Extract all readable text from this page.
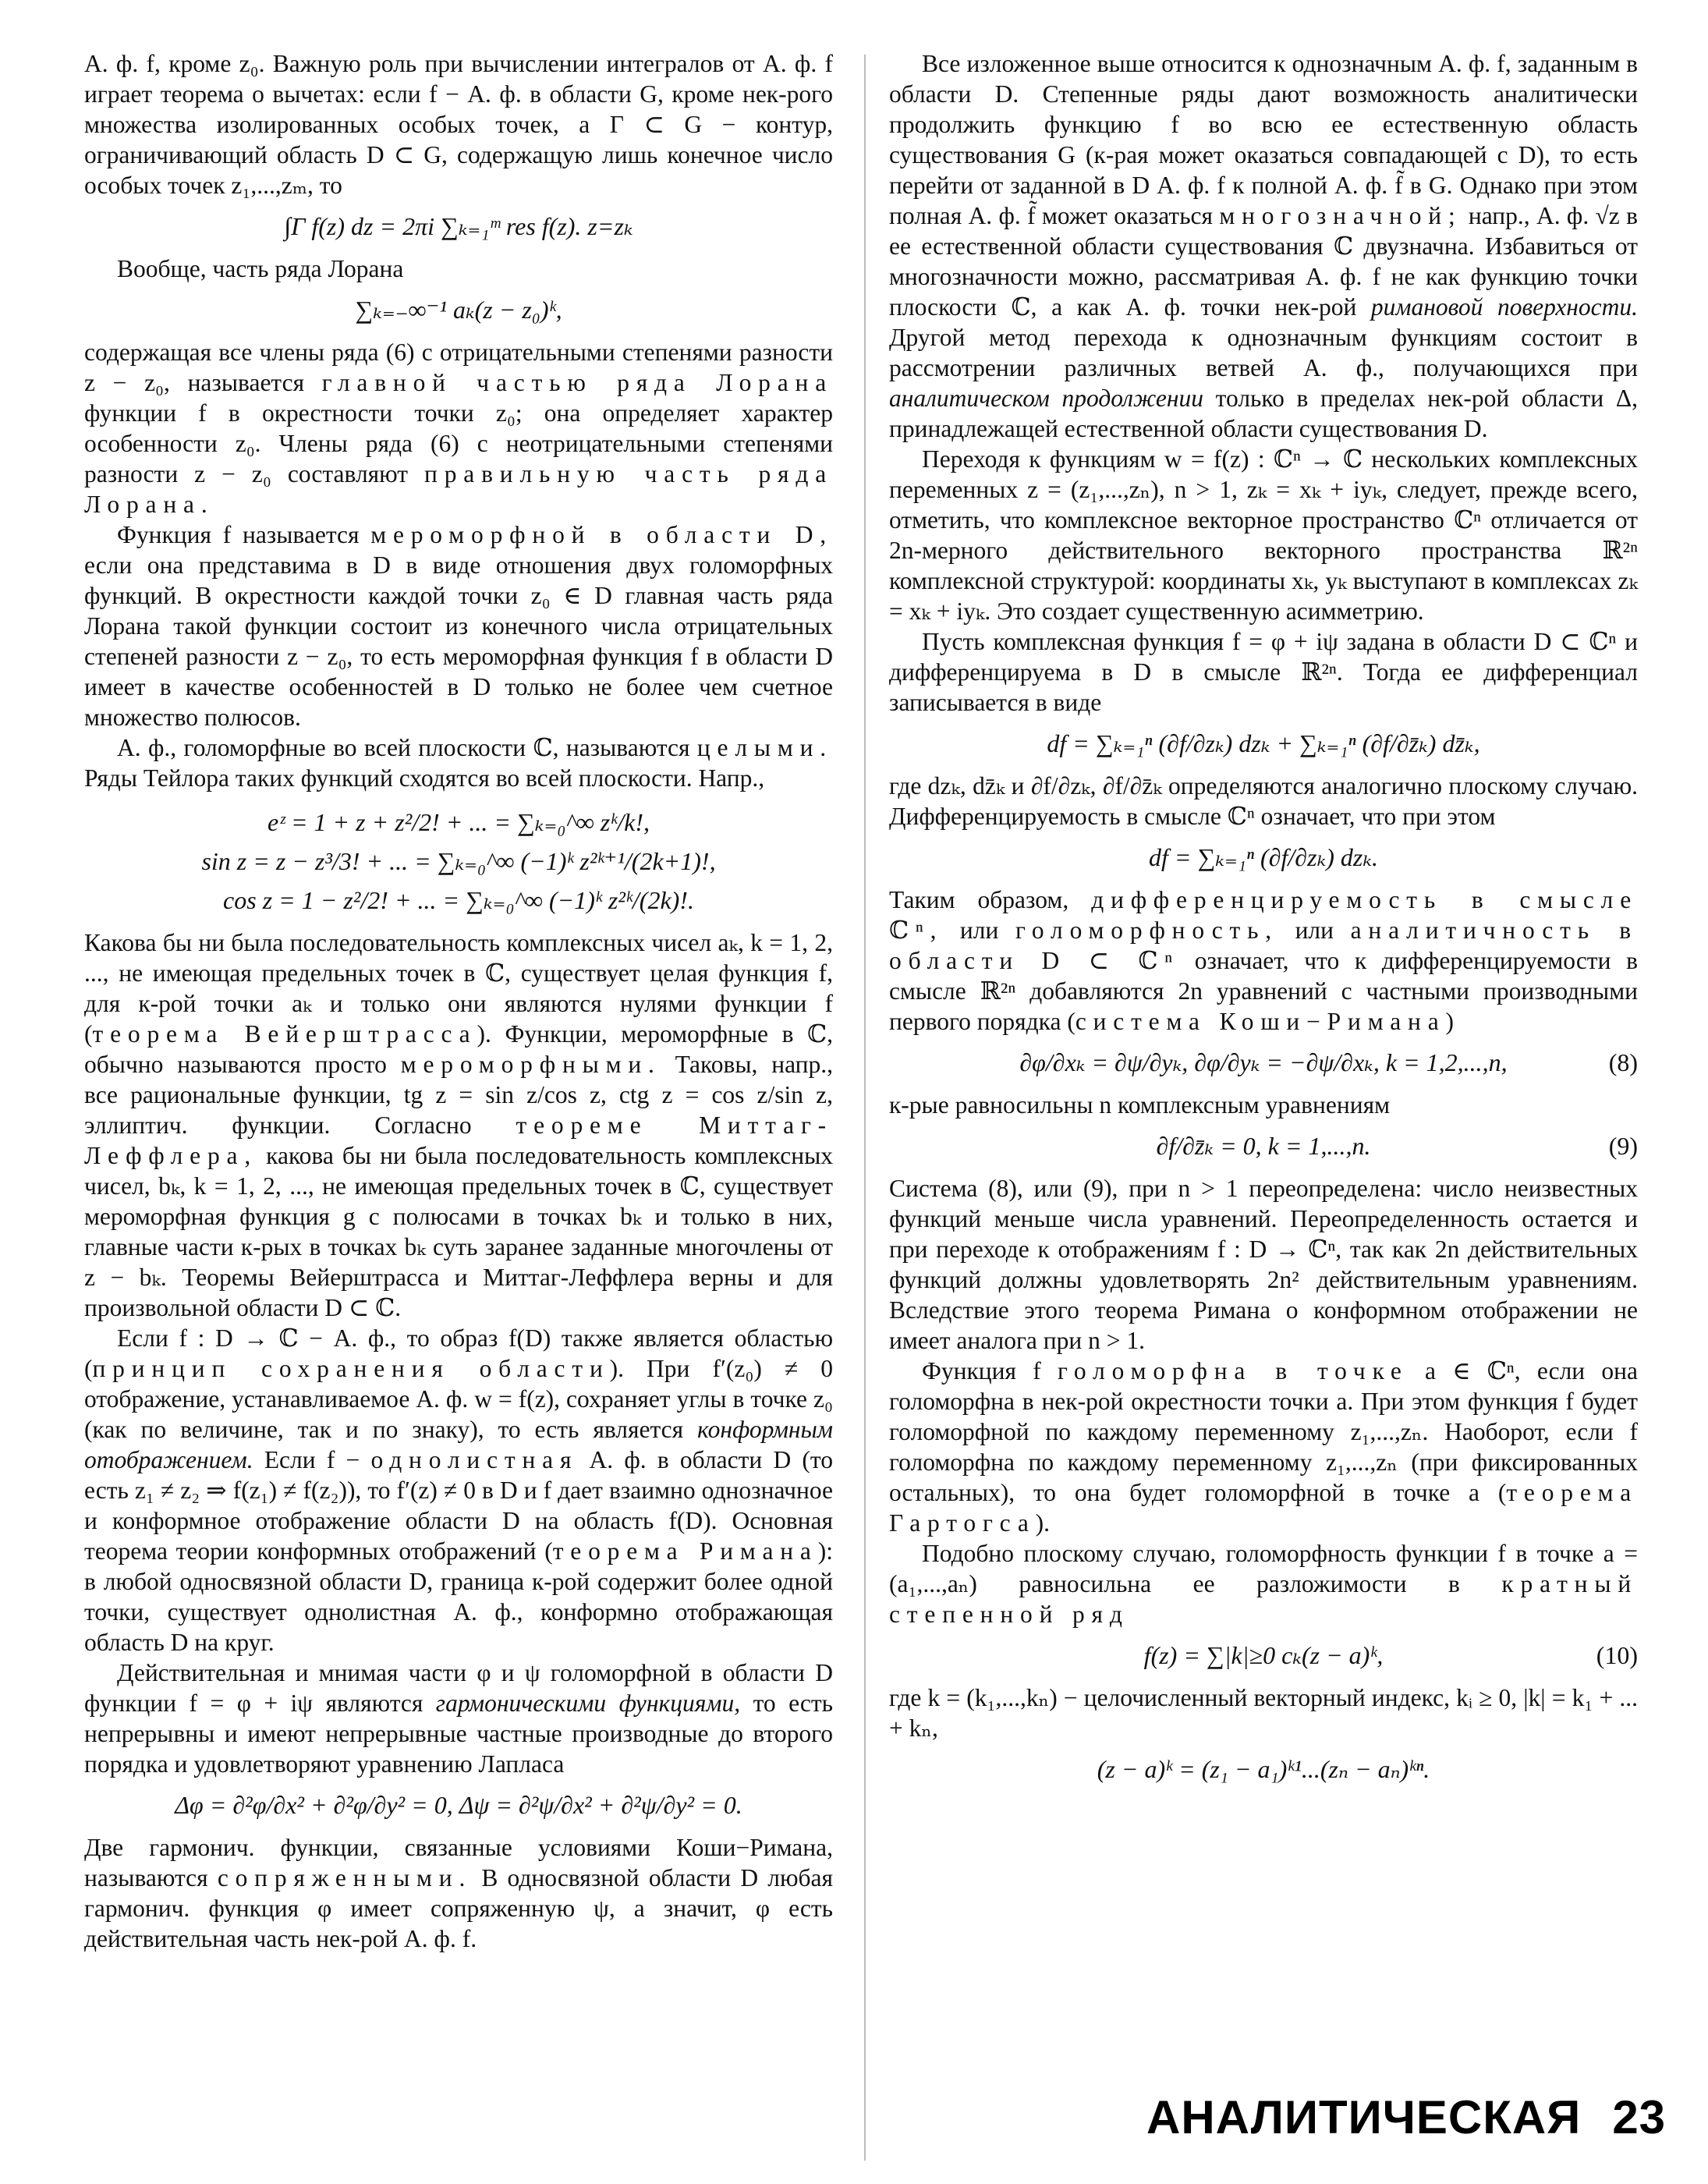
А. ф. f, кроме z₀. Важную роль при вычислении интегралов от А. ф. f играет теорема о вычетах: если f − А. ф. в области G, кроме нек-рого множества изолированных особых точек, а Γ ⊂ G − контур, ограничивающий область D ⊂ G, содержащую лишь конечное число особых точек z₁,...,zₘ, то

∫Γ f(z) dz = 2πi ∑ₖ₌₁ᵐ res f(z). z=zₖ

Вообще, часть ряда Лорана

∑ₖ₌₋∞⁻¹ aₖ(z − z₀)ᵏ,

содержащая все члены ряда (6) с отрицательными степенями разности z − z₀, называется главной частью ряда Лорана функции f в окрестности точки z₀; она определяет характер особенности z₀. Члены ряда (6) с неотрицательными степенями разности z − z₀ составляют правильную часть ряда Лорана.

Функция f называется мероморфной в области D, если она представима в D в виде отношения двух голоморфных функций. В окрестности каждой точки z₀ ∈ D главная часть ряда Лорана такой функции состоит из конечного числа отрицательных степеней разности z − z₀, то есть мероморфная функция f в области D имеет в качестве особенностей в D только не более чем счетное множество полюсов.

А. ф., голоморфные во всей плоскости ℂ, называются целыми. Ряды Тейлора таких функций сходятся во всей плоскости. Напр.,

eᶻ = 1 + z + z²/2! + ... = ∑ₖ₌₀^∞ zᵏ/k!,
sin z = z − z³/3! + ... = ∑ₖ₌₀^∞ (−1)ᵏ z²ᵏ⁺¹/(2k+1)!,
cos z = 1 − z²/2! + ... = ∑ₖ₌₀^∞ (−1)ᵏ z²ᵏ/(2k)!.

Какова бы ни была последовательность комплексных чисел aₖ, k = 1, 2, ..., не имеющая предельных точек в ℂ, существует целая функция f, для к-рой точки aₖ и только они являются нулями функции f (теорема Вейерштрасса). Функции, мероморфные в ℂ, обычно называются просто мероморфными. Таковы, напр., все рациональные функции, tg z = sin z/cos z, ctg z = cos z/sin z, эллиптич. функции. Согласно теореме Миттаг-Леффлера, какова бы ни была последовательность комплексных чисел, bₖ, k = 1, 2, ..., не имеющая предельных точек в ℂ, существует мероморфная функция g с полюсами в точках bₖ и только в них, главные части к-рых в точках bₖ суть заранее заданные многочлены от z − bₖ. Теоремы Вейерштрасса и Миттаг-Леффлера верны и для произвольной области D ⊂ ℂ.

Если f : D → ℂ − А. ф., то образ f(D) также является областью (принцип сохранения области). При f′(z₀) ≠ 0 отображение, устанавливаемое А. ф. w = f(z), сохраняет углы в точке z₀ (как по величине, так и по знаку), то есть является конформным отображением. Если f − однолистная А. ф. в области D (то есть z₁ ≠ z₂ ⇒ f(z₁) ≠ f(z₂)), то f′(z) ≠ 0 в D и f дает взаимно однозначное и конформное отображение области D на область f(D). Основная теорема теории конформных отображений (теорема Римана): в любой односвязной области D, граница к-рой содержит более одной точки, существует однолистная А. ф., конформно отображающая область D на круг.

Действительная и мнимая части φ и ψ голоморфной в области D функции f = φ + iψ являются гармоническими функциями, то есть непрерывны и имеют непрерывные частные производные до второго порядка и удовлетворяют уравнению Лапласа

Δφ = ∂²φ/∂x² + ∂²φ/∂y² = 0, Δψ = ∂²ψ/∂x² + ∂²ψ/∂y² = 0.

Две гармонич. функции, связанные условиями Коши−Римана, называются сопряженными. В односвязной области D любая гармонич. функция φ имеет сопряженную ψ, а значит, φ есть действительная часть нек-рой А. ф. f.

Все изложенное выше относится к однозначным А. ф. f, заданным в области D. Степенные ряды дают возможность аналитически продолжить функцию f во всю ее естественную область существования G (к-рая может оказаться совпадающей с D), то есть перейти от заданной в D А. ф. f к полной А. ф. f̃ в G. Однако при этом полная А. ф. f̃ может оказаться многозначной; напр., А. ф. √z в ее естественной области существования ℂ двузначна. Избавиться от многозначности можно, рассматривая А. ф. f не как функцию точки плоскости ℂ, а как А. ф. точки нек-рой римановой поверхности. Другой метод перехода к однозначным функциям состоит в рассмотрении различных ветвей А. ф., получающихся при аналитическом продолжении только в пределах нек-рой области Δ, принадлежащей естественной области существования D.

Переходя к функциям w = f(z) : ℂⁿ → ℂ нескольких комплексных переменных z = (z₁,...,zₙ), n > 1, zₖ = xₖ + iyₖ, следует, прежде всего, отметить, что комплексное векторное пространство ℂⁿ отличается от 2n-мерного действительного векторного пространства ℝ²ⁿ комплексной структурой: координаты xₖ, yₖ выступают в комплексах zₖ = xₖ + iyₖ. Это создает существенную асимметрию.

Пусть комплексная функция f = φ + iψ задана в области D ⊂ ℂⁿ и дифференцируема в D в смысле ℝ²ⁿ. Тогда ее дифференциал записывается в виде

df = ∑ₖ₌₁ⁿ (∂f/∂zₖ) dzₖ + ∑ₖ₌₁ⁿ (∂f/∂z̄ₖ) dz̄ₖ,

где dzₖ, dz̄ₖ и ∂f/∂zₖ, ∂f/∂z̄ₖ определяются аналогично плоскому случаю. Дифференцируемость в смысле ℂⁿ означает, что при этом

df = ∑ₖ₌₁ⁿ (∂f/∂zₖ) dzₖ.

Таким образом, дифференцируемость в смысле ℂⁿ, или голоморфность, или аналитичность в области D ⊂ ℂⁿ означает, что к дифференцируемости в смысле ℝ²ⁿ добавляются 2n уравнений с частными производными первого порядка (система Коши−Римана)

∂φ/∂xₖ = ∂ψ/∂yₖ, ∂φ/∂yₖ = −∂ψ/∂xₖ, k = 1,2,...,n,	(8)

к-рые равносильны n комплексным уравнениям

∂f/∂z̄ₖ = 0, k = 1,...,n.	(9)

Система (8), или (9), при n > 1 переопределена: число неизвестных функций меньше числа уравнений. Переопределенность остается и при переходе к отображениям f : D → ℂⁿ, так как 2n действительных функций должны удовлетворять 2n² действительным уравнениям. Вследствие этого теорема Римана о конформном отображении не имеет аналога при n > 1.

Функция f голоморфна в точке a ∈ ℂⁿ, если она голоморфна в нек-рой окрестности точки a. При этом функция f будет голоморфной по каждому переменному z₁,...,zₙ. Наоборот, если f голоморфна по каждому переменному z₁,...,zₙ (при фиксированных остальных), то она будет голоморфной в точке a (теорема Гартогса).

Подобно плоскому случаю, голоморфность функции f в точке a = (a₁,...,aₙ) равносильна ее разложимости в кратный степенной ряд

f(z) = ∑|k|≥0 cₖ(z − a)ᵏ,	(10)

где k = (k₁,...,kₙ) − целочисленный векторный индекс, kᵢ ≥ 0, |k| = k₁ + ... + kₙ,

(z − a)ᵏ = (z₁ − a₁)ᵏ¹...(zₙ − aₙ)ᵏⁿ.
АНАЛИТИЧЕСКАЯ 23
